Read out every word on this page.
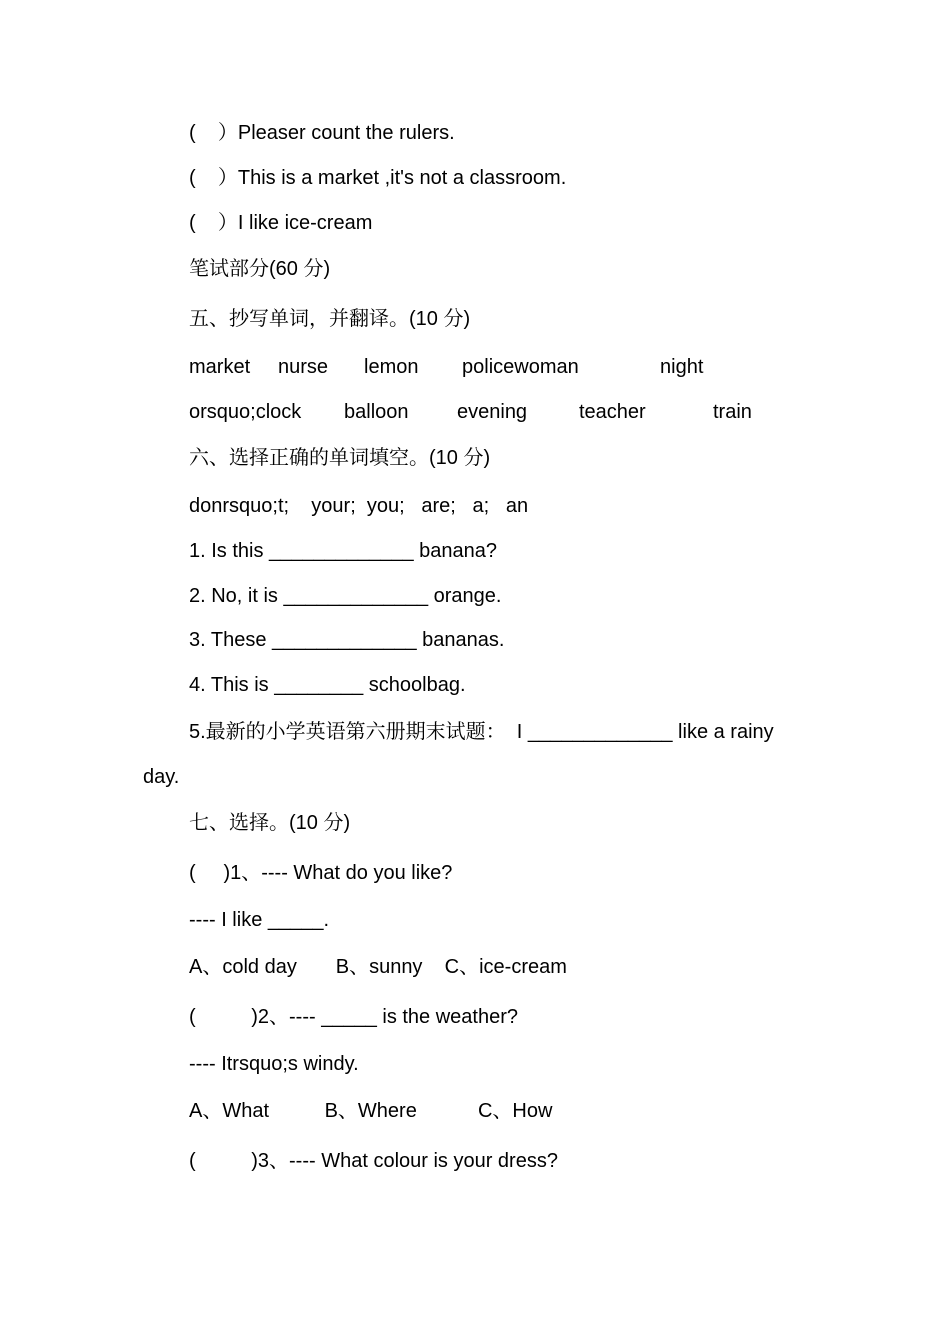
(    ）Pleaser count the rulers.
(    ）This is a market ,it's not a classroom.
(    ）I like ice-cream
笔试部分(60 分)
五、抄写单词，并翻译。(10 分)
market nurse lemon policewoman	night
orsquo;clock balloon evening	teacher	train
六、选择正确的单词填空。(10 分)
donrsquo;t;    your;  you;   are;   a;   an
1. Is this _____________ banana?
2. No, it is _____________ orange.
3. These _____________ bananas.
4. This is ________ schoolbag.
5.最新的小学英语第六册期末试题：  I _____________ like a rainy
day.
七、选择。(10 分)
(     )1、---- What do you like?
---- I like _____.
A、cold day       B、sunny    C、ice-cream
(          )2、---- _____ is the weather?
---- Itrsquo;s windy.
A、What          B、Where           C、How
(          )3、---- What colour is your dress?
